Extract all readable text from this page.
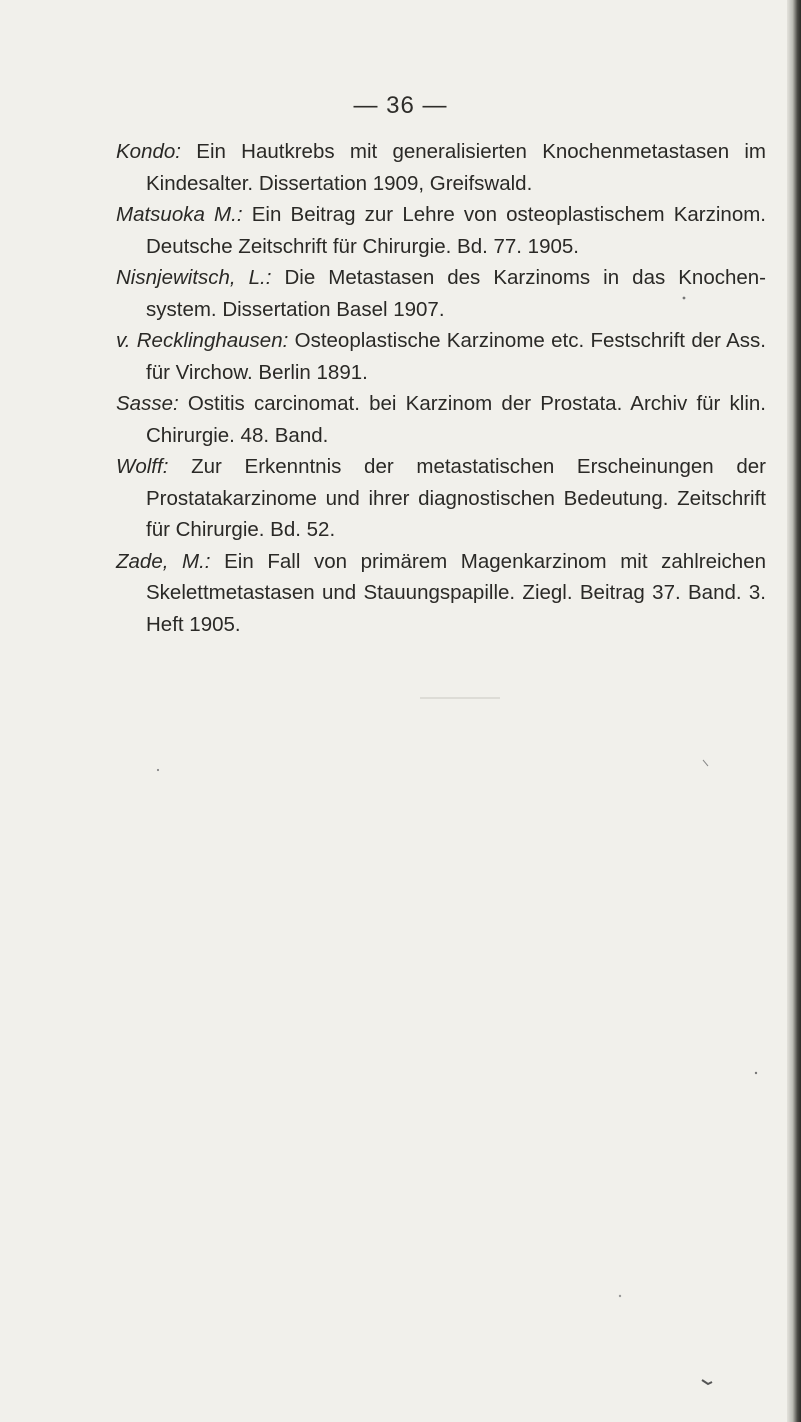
— 36 —

Kondo: Ein Hautkrebs mit generalisierten Knochenmetastasen im Kindesalter. Dissertation 1909, Greifswald.

Matsuoka M.: Ein Beitrag zur Lehre von osteoplastischem Karzinom. Deutsche Zeitschrift für Chirurgie. Bd. 77. 1905.

Nisnjewitsch, L.: Die Metastasen des Karzinoms in das Knochen-system. Dissertation Basel 1907.

v. Recklinghausen: Osteoplastische Karzinome etc. Festschrift der Ass. für Virchow. Berlin 1891.

Sasse: Ostitis carcinomat. bei Karzinom der Prostata. Archiv für klin. Chirurgie. 48. Band.

Wolff: Zur Erkenntnis der metastatischen Erscheinungen der Prostatakarzinome und ihrer diagnostischen Bedeutung. Zeitschrift für Chirurgie. Bd. 52.

Zade, M.: Ein Fall von primärem Magenkarzinom mit zahlreichen Skelettmetastasen und Stauungspapille. Ziegl. Beitrag 37. Band. 3. Heft 1905.
